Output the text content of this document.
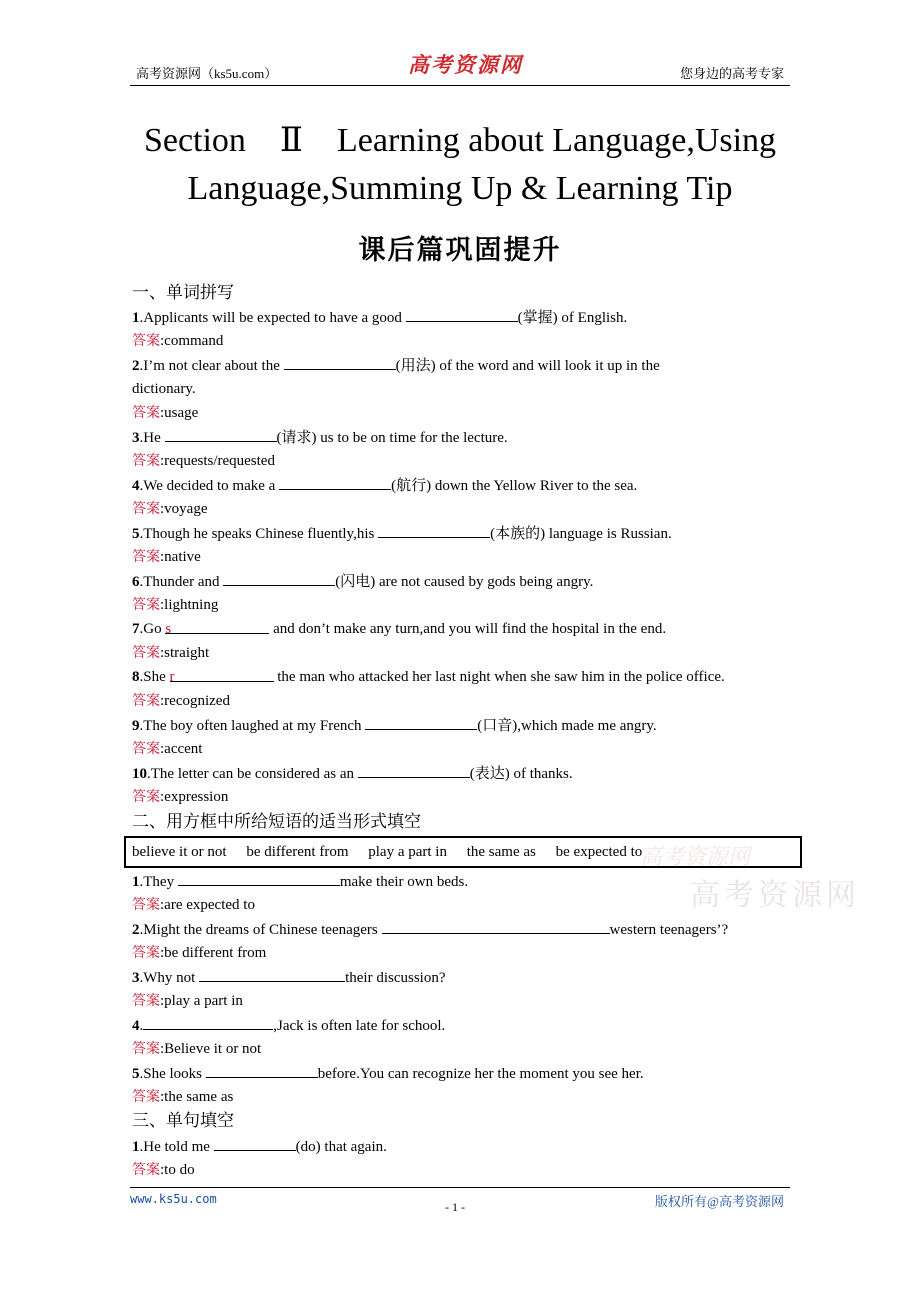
高考资源网（ks5u.com）	高考资源网	您身边的高考专家
Section　Ⅱ　Learning about Language,Using
Language,Summing Up & Learning Tip
课后篇巩固提升
一、单词拼写
1.Applicants will be expected to have a good	(掌握) of English.
答案:command
2.I’m not clear about the	(用法) of the word and will look it up in the
dictionary.
答案:usage
3.He	(请求) us to be on time for the lecture.
答案:requests/requested
4.We decided to make a	(航行) down the Yellow River to the sea.
答案:voyage
5.Though he speaks Chinese fluently,his	(本族的) language is Russian.
答案:native
6.Thunder and	(闪电) are not caused by gods being angry.
答案:lightning
7.Go s	and don’t make any turn,and you will find the hospital in the end.
答案:straight
8.She r	the man who attacked her last night when she saw him in the police office.
答案:recognized
9.The boy often laughed at my French	(口音),which made me angry.
答案:accent
10.The letter can be considered as an	(表达) of thanks.
答案:expression
二、用方框中所给短语的适当形式填空
高考资源网
高考资源网
believe it or not be different from play a part in the same as be expected to
1.They	make their own beds.
答案:are expected to
2.Might the dreams of Chinese teenagers	western teenagers’?
答案:be different from
3.Why not	their discussion?
答案:play a part in
4.	,Jack is often late for school.
答案:Believe it or not
5.She looks	before.You can recognize her the moment you see her.
答案:the same as
三、单句填空
1.He told me	(do) that again.
答案:to do
www.ks5u.com
- 1 -	版权所有@高考资源网
